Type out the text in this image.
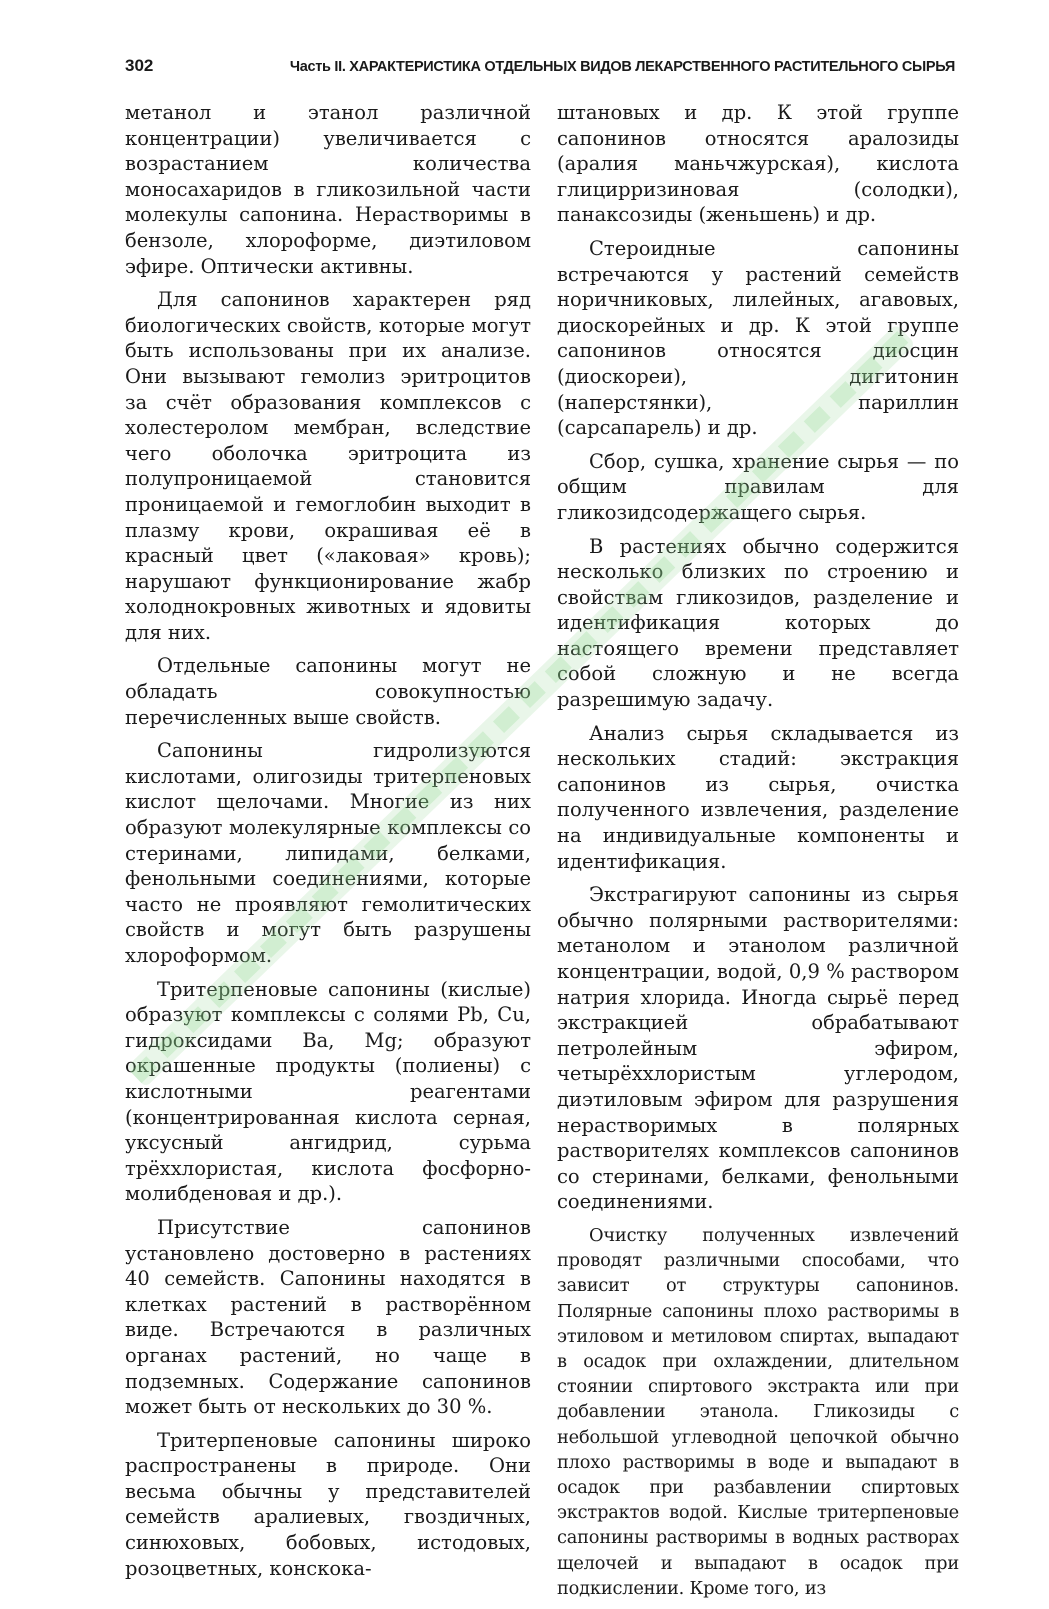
302	Часть II. ХАРАКТЕРИСТИКА ОТДЕЛЬНЫХ ВИДОВ ЛЕКАРСТВЕННОГО РАСТИТЕЛЬНОГО СЫРЬЯ

метанол и этанол различной концентрации) увеличивается с возрастанием количества моносахаридов в гликозильной части молекулы сапонина. Нерастворимы в бензоле, хлороформе, диэтиловом эфире. Оптически активны.

Для сапонинов характерен ряд биологических свойств, которые могут быть использованы при их анализе. Они вызывают гемолиз эритроцитов за счёт образования комплексов с холестеролом мембран, вследствие чего оболочка эритроцита из полупроницаемой становится проницаемой и гемоглобин выходит в плазму крови, окрашивая её в красный цвет («лаковая» кровь); нарушают функционирование жабр холоднокровных животных и ядовиты для них.

Отдельные сапонины могут не обладать совокупностью перечисленных выше свойств.

Сапонины гидролизуются кислотами, олигозиды тритерпеновых кислот щелочами. Многие из них образуют молекулярные комплексы со стеринами, липидами, белками, фенольными соединениями, которые часто не проявляют гемолитических свойств и могут быть разрушены хлороформом.

Тритерпеновые сапонины (кислые) образуют комплексы с солями Pb, Cu, гидроксидами Ba, Mg; образуют окрашенные продукты (полиены) с кислотными реагентами (концентрированная кислота серная, уксусный ангидрид, сурьма трёххлористая, кислота фосфорно-молибденовая и др.).

Присутствие сапонинов установлено достоверно в растениях 40 семейств. Сапонины находятся в клетках растений в растворённом виде. Встречаются в различных органах растений, но чаще в подземных. Содержание сапонинов может быть от нескольких до 30 %.

Тритерпеновые сапонины широко распространены в природе. Они весьма обычны у представителей семейств аралиевых, гвоздичных, синюховых, бобовых, истодовых, розоцветных, конскока-

штановых и др. К этой группе сапонинов относятся аралозиды (аралия маньчжурская), кислота глицирризиновая (солодки), панаксозиды (женьшень) и др.

Стероидные сапонины встречаются у растений семейств норичниковых, лилейных, агавовых, диоскорейных и др. К этой группе сапонинов относятся диосцин (диоскореи), дигитонин (наперстянки), париллин (сарсапарель) и др.

Сбор, сушка, хранение сырья — по общим правилам для гликозидсодержащего сырья.

В растениях обычно содержится несколько близких по строению и свойствам гликозидов, разделение и идентификация которых до настоящего времени представляет собой сложную и не всегда разрешимую задачу.

Анализ сырья складывается из нескольких стадий: экстракция сапонинов из сырья, очистка полученного извлечения, разделение на индивидуальные компоненты и идентификация.

Экстрагируют сапонины из сырья обычно полярными растворителями: метанолом и этанолом различной концентрации, водой, 0,9 % раствором натрия хлорида. Иногда сырьё перед экстракцией обрабатывают петролейным эфиром, четырёххлористым углеродом, диэтиловым эфиром для разрушения нерастворимых в полярных растворителях комплексов сапонинов со стеринами, белками, фенольными соединениями.

Очистку полученных извлечений проводят различными способами, что зависит от структуры сапонинов. Полярные сапонины плохо растворимы в этиловом и метиловом спиртах, выпадают в осадок при охлаждении, длительном стоянии спиртового экстракта или при добавлении этанола. Гликозиды с небольшой углеводной цепочкой обычно плохо растворимы в воде и выпадают в осадок при разбавлении спиртовых экстрактов водой. Кислые тритерпеновые сапонины растворимы в водных растворах щелочей и выпадают в осадок при подкислении. Кроме того, из
